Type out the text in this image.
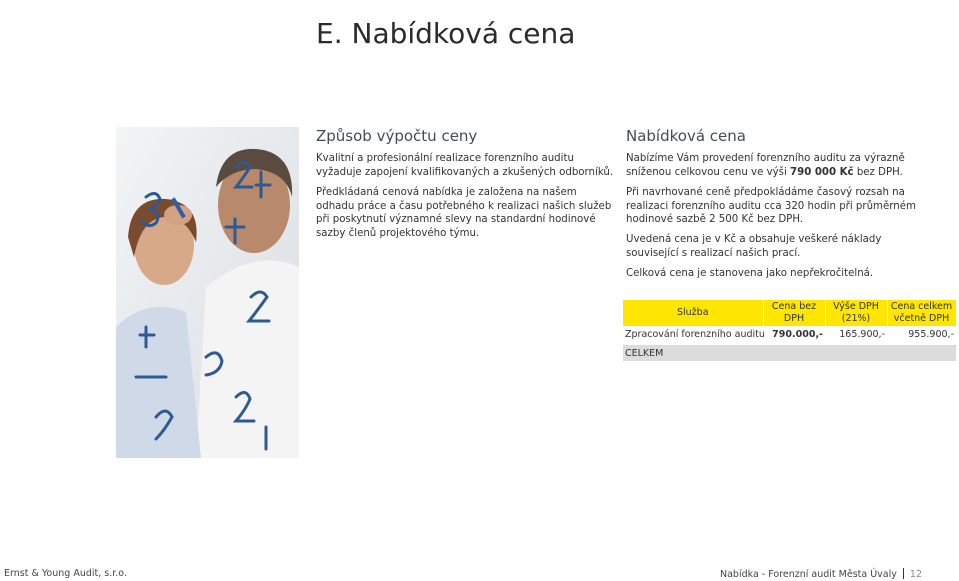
E. Nabídková cena
Způsob výpočtu ceny
Kvalitní a profesionální realizace forenzního auditu vyžaduje zapojení kvalifikovaných a zkušených odborníků.
Předkládaná cenová nabídka je založena na našem odhadu práce a času potřebného k realizaci našich služeb při poskytnutí významné slevy na standardní hodinové sazby členů projektového týmu.
Nabídková cena
Nabízíme Vám provedení forenzního auditu za výrazně sníženou celkovou cenu ve výši 790 000 Kč bez DPH.
Při navrhované ceně předpokládáme časový rozsah na realizaci forenzního auditu cca 320 hodin při průměrném hodinové sazbě 2 500 Kč bez DPH.
Uvedená cena je v Kč a obsahuje veškeré náklady související s realizací našich prací.
Celková cena je stanovena jako nepřekročitelná.
Služba	Cena bez DPH	Výše DPH (21%)	Cena celkem včetně DPH
Zpracování forenzního auditu	790.000,-	165.900,-	955.900,-
CELKEM			
Ernst & Young Audit, s.r.o.	Nabídka - Forenzní audit Města Úvaly 12
